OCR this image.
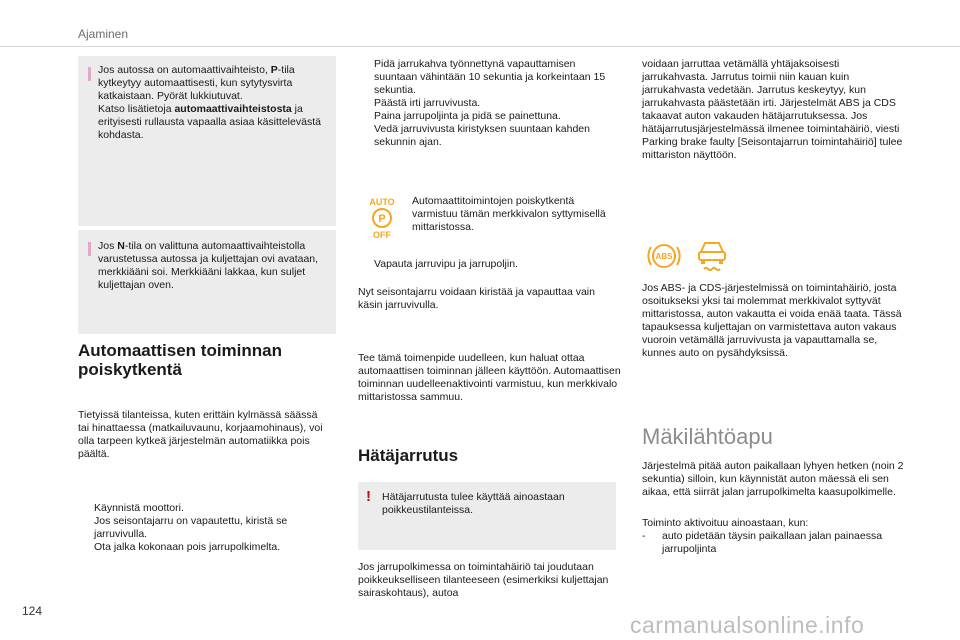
Ajaminen

Jos autossa on automaattivaihteisto, P-tila kytkeytyy automaattisesti, kun sytytysvirta katkaistaan. Pyörät lukkiutuvat.

Katso lisätietoja automaattivaihteistosta ja erityisesti rullausta vapaalla asiaa käsittelevästä kohdasta.

Jos N-tila on valittuna automaattivaihteistolla varustetussa autossa ja kuljettajan ovi avataan, merkkiääni soi. Merkkiääni lakkaa, kun suljet kuljettajan oven.

Automaattisen toiminnan poiskytkentä
Tietyissä tilanteissa, kuten erittäin kylmässä säässä tai hinattaessa (matkailuvaunu, korjaamohinaus), voi olla tarpeen kytkeä järjestelmän automatiikka pois päältä.
Käynnistä moottori.
Jos seisontajarru on vapautettu, kiristä se jarruvivulla.
Ota jalka kokonaan pois jarrupolkimelta.
Pidä jarrukahva työnnettynä vapauttamisen suuntaan vähintään 10 sekuntia ja korkeintaan 15 sekuntia.
Päästä irti jarruvivusta.
Paina jarrupoljinta ja pidä se painettuna.
Vedä jarruvivusta kiristyksen suuntaan kahden sekunnin ajan.
AUTO
P
OFF
Automaattitoimintojen poiskytkentä varmistuu tämän merkkivalon syttymisellä mittaristossa.
Vapauta jarruvipu ja jarrupoljin.
Nyt seisontajarru voidaan kiristää ja vapauttaa vain käsin jarruvivulla.
Tee tämä toimenpide uudelleen, kun haluat ottaa automaattisen toiminnan jälleen käyttöön. Automaattisen toiminnan uudelleenaktivointi varmistuu, kun merkkivalo mittaristossa sammuu.
Hätäjarrutus
! Hätäjarrutusta tulee käyttää ainoastaan poikkeustilanteissa.
Jos jarrupolkimessa on toimintahäiriö tai joudutaan poikkeukselliseen tilanteeseen (esimerkiksi kuljettajan sairaskohtaus), autoa
voidaan jarruttaa vetämällä yhtäjaksoisesti jarrukahvasta. Jarrutus toimii niin kauan kuin jarrukahvasta vedetään. Jarrutus keskeytyy, kun jarrukahvasta päästetään irti. Järjestelmät ABS ja CDS takaavat auton vakauden hätäjarrutuksessa. Jos hätäjarrutusjärjestelmässä ilmenee toimintahäiriö, viesti Parking brake faulty [Seisontajarrun toimintahäiriö] tulee mittariston näyttöön.
ABS
Jos ABS- ja CDS-järjestelmissä on toimintahäiriö, josta osoitukseksi yksi tai molemmat merkkivalot syttyvät mittaristossa, auton vakautta ei voida enää taata. Tässä tapauksessa kuljettajan on varmistettava auton vakaus vuoroin vetämällä jarruvivusta ja vapauttamalla se, kunnes auto on pysähdyksissä.
Mäkilähtöapu
Järjestelmä pitää auton paikallaan lyhyen hetken (noin 2 sekuntia) silloin, kun käynnistät auton mäessä eli sen aikaa, että siirrät jalan jarrupolkimelta kaasupolkimelle.
Toiminto aktivoituu ainoastaan, kun:
- auto pidetään täysin paikallaan jalan painaessa jarrupoljinta
124
carmanualsonline.info
